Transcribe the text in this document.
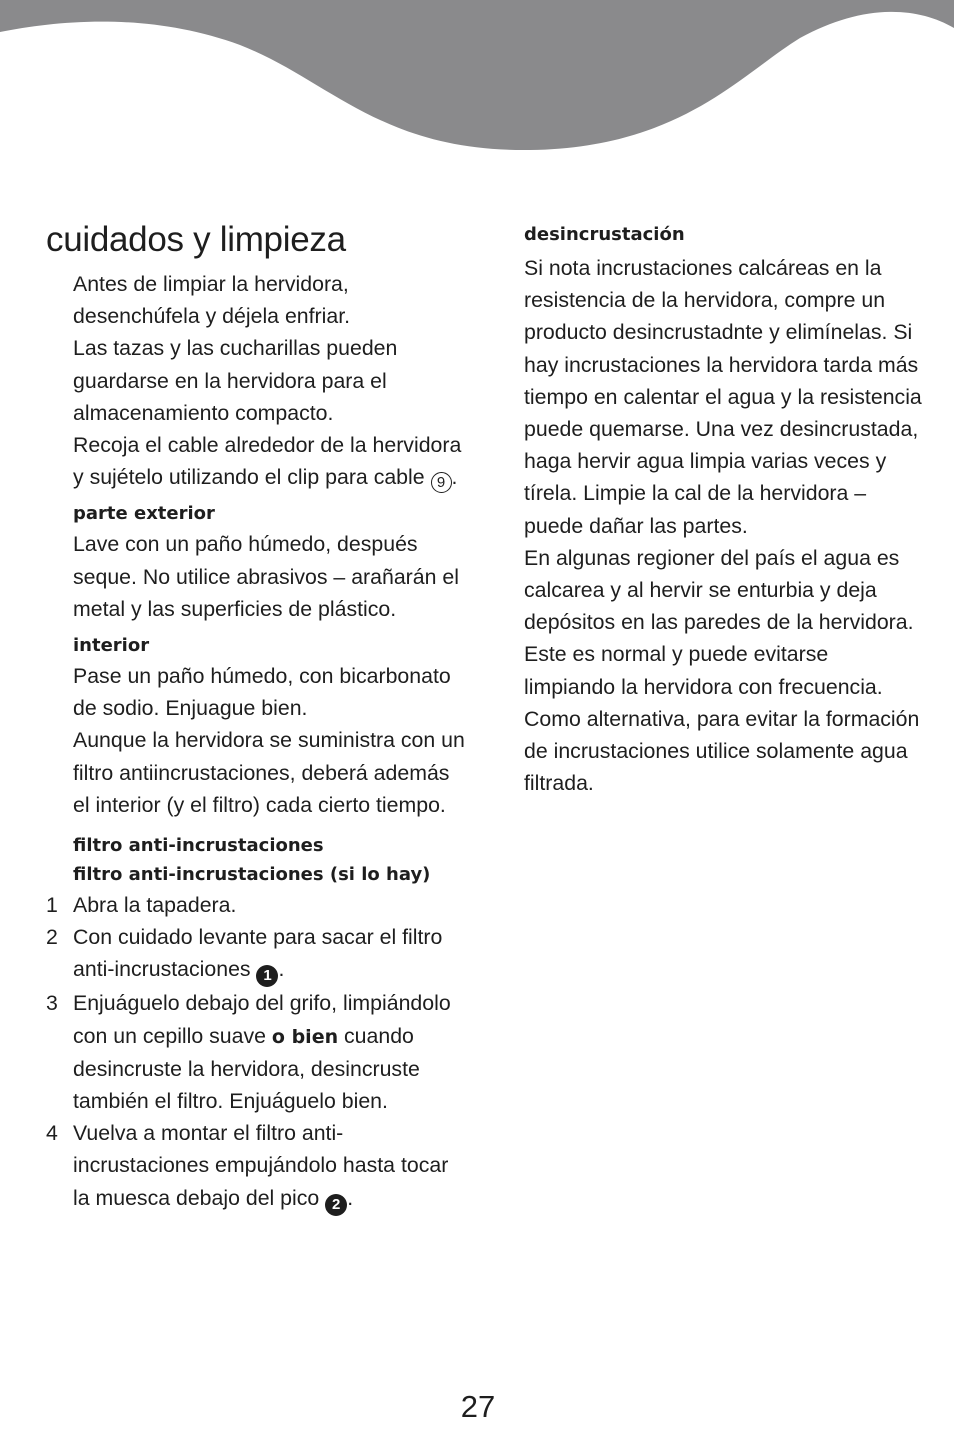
cuidados y limpieza

Antes de limpiar la hervidora, desenchúfela y déjela enfriar.

Las tazas y las cucharillas pueden guardarse en la hervidora para el almacenamiento compacto.

Recoja el cable alrededor de la hervidora y sujételo utilizando el clip para cable 9 .

parte exterior

Lave con un paño húmedo, después seque. No utilice abrasivos – arañarán el metal y las superficies de plástico.

interior

Pase un paño húmedo, con bicarbonato de sodio. Enjuague bien.

Aunque la hervidora se suministra con un filtro antiincrustaciones, deberá además el interior (y el filtro) cada cierto tiempo.

filtro anti-incrustaciones
filtro anti-incrustaciones (si lo hay)
1 Abra la tapadera.
2 Con cuidado levante para sacar el filtro anti-incrustaciones 1 .
3 Enjuáguelo debajo del grifo, limpiándolo con un cepillo suave o bien cuando desincruste la hervidora, desincruste también el filtro. Enjuáguelo bien.
4 Vuelva a montar el filtro anti-incrustaciones empujándolo hasta tocar la muesca debajo del pico 2 .
desincrustación

Si nota incrustaciones calcáreas en la resistencia de la hervidora, compre un producto desincrustadnte y elimínelas. Si hay incrustaciones la hervidora tarda más tiempo en calentar el agua y la resistencia puede quemarse. Una vez desincrustada, haga hervir agua limpia varias veces y tírela. Limpie la cal de la hervidora – puede dañar las partes.

En algunas regioner del país el agua es calcarea y al hervir se enturbia y deja depósitos en las paredes de la hervidora. Este es normal y puede evitarse limpiando la hervidora con frecuencia.

Como alternativa, para evitar la formación de incrustaciones utilice solamente agua filtrada.

27
